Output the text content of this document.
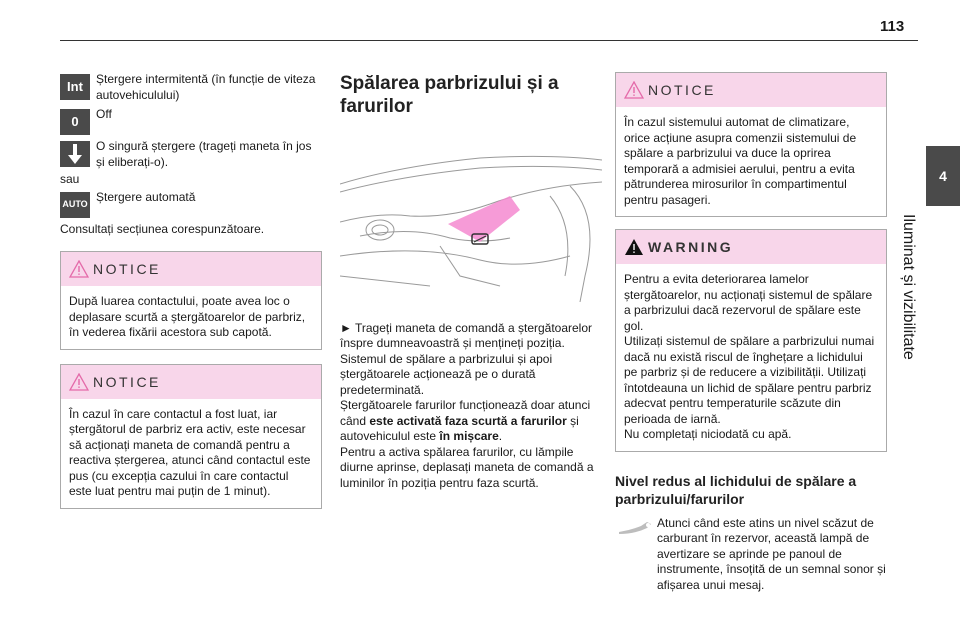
113
4
Iluminat și vizibilitate
Int
Ștergere intermitentă (în funcție de viteza autovehiculului)
0
Off
O singură ștergere (trageți maneta în jos și eliberați-o).
sau
AUTO
Ștergere automată
Consultați secțiunea corespunzătoare.
NOTICE
După luarea contactului, poate avea loc o deplasare scurtă a ștergătoarelor de parbriz, în vederea fixării acestora sub capotă.
NOTICE
În cazul în care contactul a fost luat, iar ștergătorul de parbriz era activ, este necesar să acționați maneta de comandă pentru a reactiva ștergerea, atunci când contactul este pus (cu excepția cazului în care contactul este luat pentru mai puțin de 1 minut).
Spălarea parbrizului și a farurilor

► Trageți maneta de comandă a ștergătoarelor înspre dumneavoastră și mențineți poziția.

Sistemul de spălare a parbrizului și apoi ștergătoarele acționează pe o durată predeterminată.

Ștergătoarele farurilor funcționează doar atunci când este activată faza scurtă a farurilor și autovehiculul este în mișcare.

Pentru a activa spălarea farurilor, cu lămpile diurne aprinse, deplasați maneta de comandă a luminilor în poziția pentru faza scurtă.

NOTICE
În cazul sistemului automat de climatizare, orice acțiune asupra comenzii sistemului de spălare a parbrizului va duce la oprirea temporară a admisiei aerului, pentru a evita pătrunderea mirosurilor în compartimentul pentru pasageri.
WARNING

Pentru a evita deteriorarea lamelor ștergătoarelor, nu acționați sistemul de spălare a parbrizului dacă rezervorul de spălare este gol.

Utilizați sistemul de spălare a parbrizului numai dacă nu există riscul de înghețare a lichidului pe parbriz și de reducere a vizibilității. Utilizați întotdeauna un lichid de spălare pentru parbriz adecvat pentru temperaturile scăzute din perioada de iarnă.

Nu completați niciodată cu apă.

Nivel redus al lichidului de spălare a parbrizului/farurilor

Atunci când este atins un nivel scăzut de carburant în rezervor, această lampă de avertizare se aprinde pe panoul de instrumente, însoțită de un semnal sonor și afișarea unui mesaj.
